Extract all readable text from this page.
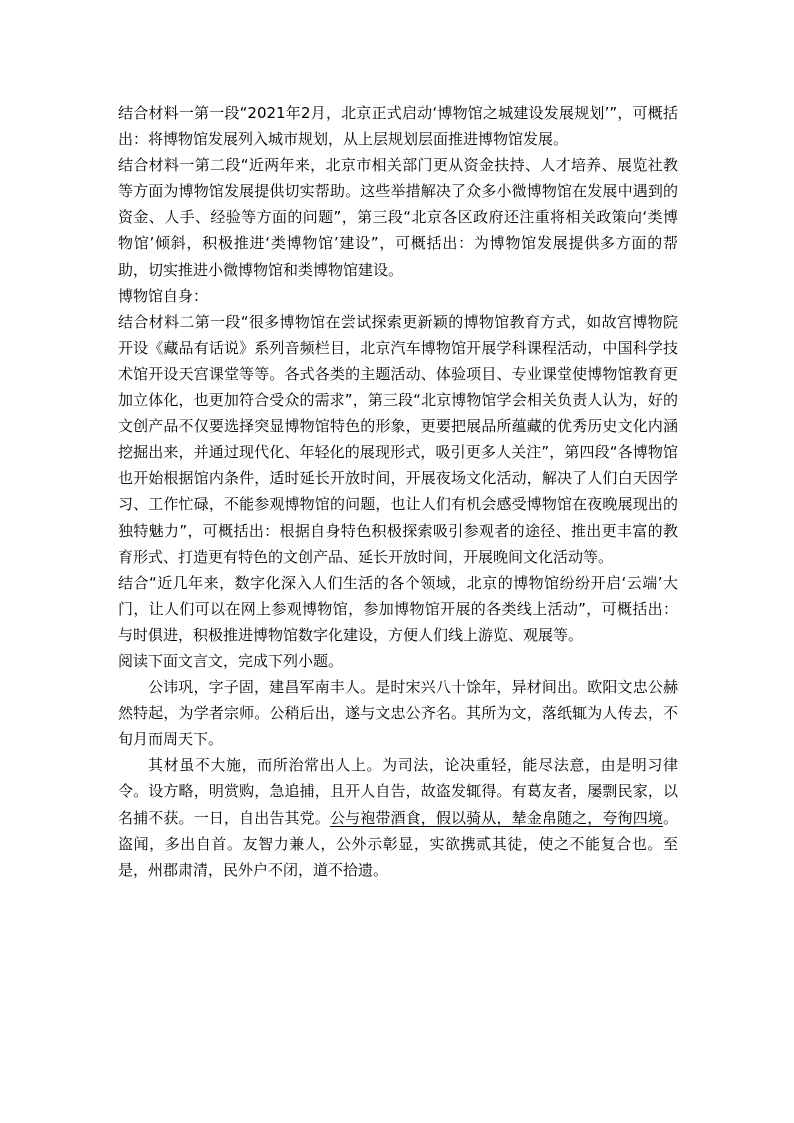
结合材料一第一段“2021年2月，北京正式启动‘博物馆之城建设发展规划’”，可概括出：将博物馆发展列入城市规划，从上层规划层面推进博物馆发展。

结合材料一第二段“近两年来，北京市相关部门更从资金扶持、人才培养、展览社教等方面为博物馆发展提供切实帮助。这些举措解决了众多小微博物馆在发展中遇到的资金、人手、经验等方面的问题”，第三段“北京各区政府还注重将相关政策向‘类博物馆’倾斜，积极推进‘类博物馆’建设”，可概括出：为博物馆发展提供多方面的帮助，切实推进小微博物馆和类博物馆建设。

博物馆自身：

结合材料二第一段“很多博物馆在尝试探索更新颖的博物馆教育方式，如故宫博物院开设《藏品有话说》系列音频栏目，北京汽车博物馆开展学科课程活动，中国科学技术馆开设天宫课堂等等。各式各类的主题活动、体验项目、专业课堂使博物馆教育更加立体化，也更加符合受众的需求”，第三段“北京博物馆学会相关负责人认为，好的文创产品不仅要选择突显博物馆特色的形象，更要把展品所蕴藏的优秀历史文化内涵挖掘出来，并通过现代化、年轻化的展现形式，吸引更多人关注”，第四段“各博物馆也开始根据馆内条件，适时延长开放时间，开展夜场文化活动，解决了人们白天因学习、工作忙碌，不能参观博物馆的问题，也让人们有机会感受博物馆在夜晚展现出的独特魅力”，可概括出：根据自身特色积极探索吸引参观者的途径、推出更丰富的教育形式、打造更有特色的文创产品、延长开放时间，开展晚间文化活动等。

结合“近几年来，数字化深入人们生活的各个领域，北京的博物馆纷纷开启‘云端’大门，让人们可以在网上参观博物馆，参加博物馆开展的各类线上活动”，可概括出：与时俱进，积极推进博物馆数字化建设，方便人们线上游览、观展等。

阅读下面文言文，完成下列小题。

公讳巩，字子固，建昌军南丰人。是时宋兴八十馀年，异材间出。欧阳文忠公赫然特起，为学者宗师。公稍后出，遂与文忠公齐名。其所为文，落纸辄为人传去，不旬月而周天下。

其材虽不大施，而所治常出人上。为司法，论决重轻，能尽法意，由是明习律令。设方略，明赏购，急追捕，且开人自告，故盗发辄得。有葛友者，屡剽民家，以名捕不获。一日，自出告其党。公与袍带酒食，假以骑从，辇金帛随之，夸徇四境。盗闻，多出自首。友智力兼人，公外示彰显，实欲携贰其徒，使之不能复合也。至是，州郡肃清，民外户不闭，道不拾遗。
